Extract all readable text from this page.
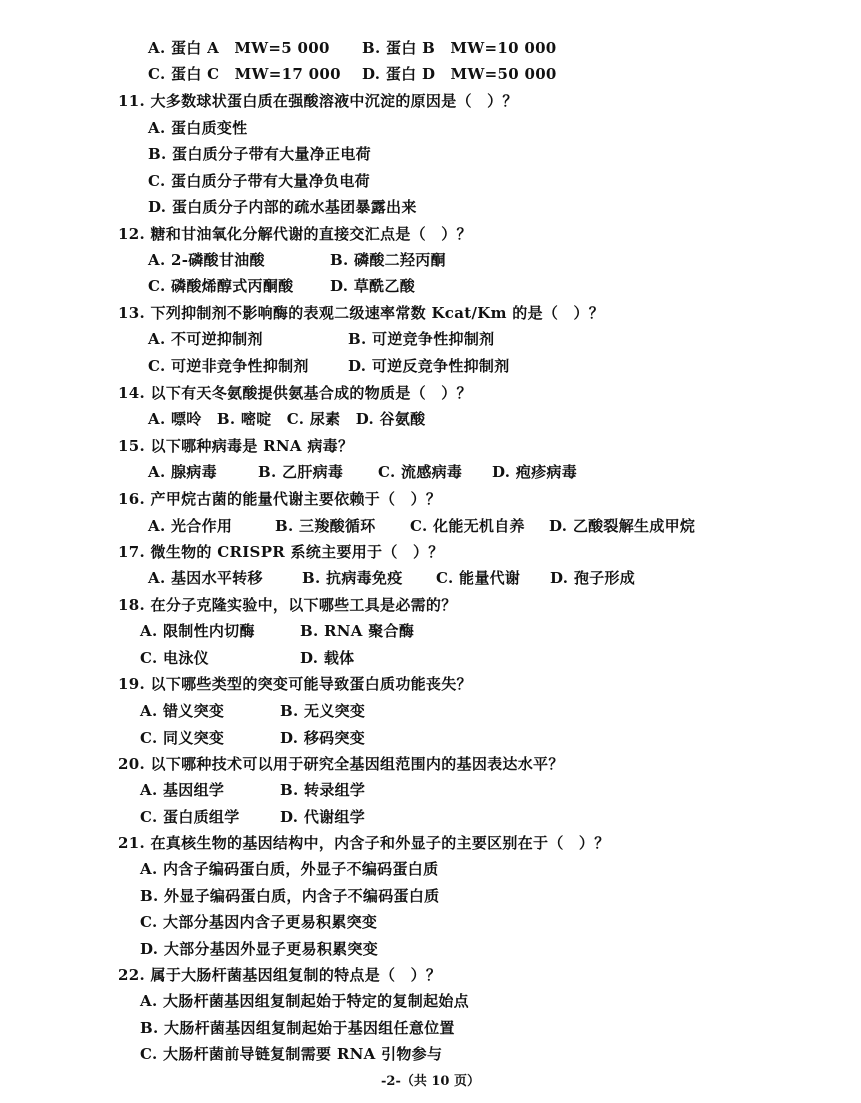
A. 蛋白 A　MW=5 000 B. 蛋白 B　MW=10 000
C. 蛋白 C　MW=17 000 D. 蛋白 D　MW=50 000
11. 大多数球状蛋白质在强酸溶液中沉淀的原因是（　）？
A. 蛋白质变性
B. 蛋白质分子带有大量净正电荷
C. 蛋白质分子带有大量净负电荷
D. 蛋白质分子内部的疏水基团暴露出来
12. 糖和甘油氧化分解代谢的直接交汇点是（　）？
A. 2-磷酸甘油酸	B. 磷酸二羟丙酮
C. 磷酸烯醇式丙酮酸 D. 草酰乙酸
13. 下列抑制剂不影响酶的表观二级速率常数 Kcat/Km 的是（　）？
A. 不可逆抑制剂	B. 可逆竞争性抑制剂
C. 可逆非竞争性抑制剂	D. 可逆反竞争性抑制剂
14. 以下有天冬氨酸提供氨基合成的物质是（　）？
A. 嘌呤　B. 嘧啶　C. 尿素　D. 谷氨酸
15. 以下哪种病毒是 RNA 病毒？
A. 腺病毒	B. 乙肝病毒 C. 流感病毒 D. 疱疹病毒
16. 产甲烷古菌的能量代谢主要依赖于（　）？
A. 光合作用	B. 三羧酸循环 C. 化能无机自养 D. 乙酸裂解生成甲烷
17. 微生物的 CRISPR 系统主要用于（　）？
A. 基因水平转移	B. 抗病毒免疫 C. 能量代谢 D. 孢子形成
18. 在分子克隆实验中，以下哪些工具是必需的？
A. 限制性内切酶	B. RNA 聚合酶
C. 电泳仪	D. 载体
19. 以下哪些类型的突变可能导致蛋白质功能丧失？
A. 错义突变	B. 无义突变
C. 同义突变	D. 移码突变
20. 以下哪种技术可以用于研究全基因组范围内的基因表达水平？
A. 基因组学	B. 转录组学
C. 蛋白质组学	D. 代谢组学
21. 在真核生物的基因结构中，内含子和外显子的主要区别在于（　）？
A. 内含子编码蛋白质，外显子不编码蛋白质
B. 外显子编码蛋白质，内含子不编码蛋白质
C. 大部分基因内含子更易积累突变
D. 大部分基因外显子更易积累突变
22. 属于大肠杆菌基因组复制的特点是（　）？
A. 大肠杆菌基因组复制起始于特定的复制起始点
B. 大肠杆菌基因组复制起始于基因组任意位置
C. 大肠杆菌前导链复制需要 RNA 引物参与
-2-（共 10 页）
